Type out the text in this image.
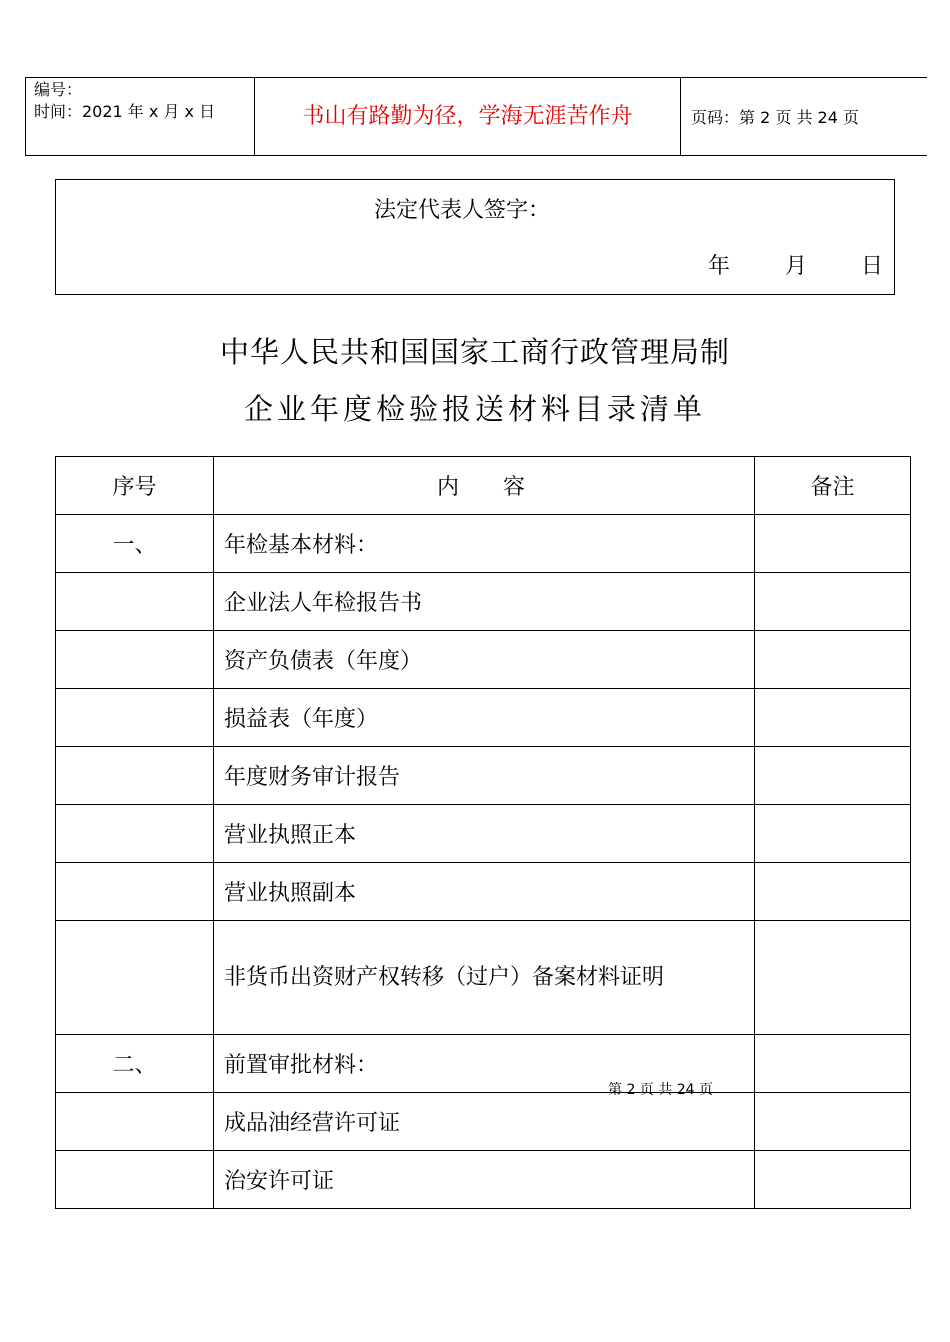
编号：
时间：2021 年 x 月 x 日	书山有路勤为径，学海无涯苦作舟	页码：第 2 页 共 24 页
法定代表人签字：
年 月 日
中华人民共和国国家工商行政管理局制
企业年度检验报送材料目录清单
序号	内　　容	备注
一、	年检基本材料：	
	企业法人年检报告书	
	资产负债表（年度）	
	损益表（年度）	
	年度财务审计报告	
	营业执照正本	
	营业执照副本	
	非货币出资财产权转移（过户）备案材料证明	
二、	前置审批材料：	
	成品油经营许可证	
	治安许可证	
第 2 页 共 24 页
